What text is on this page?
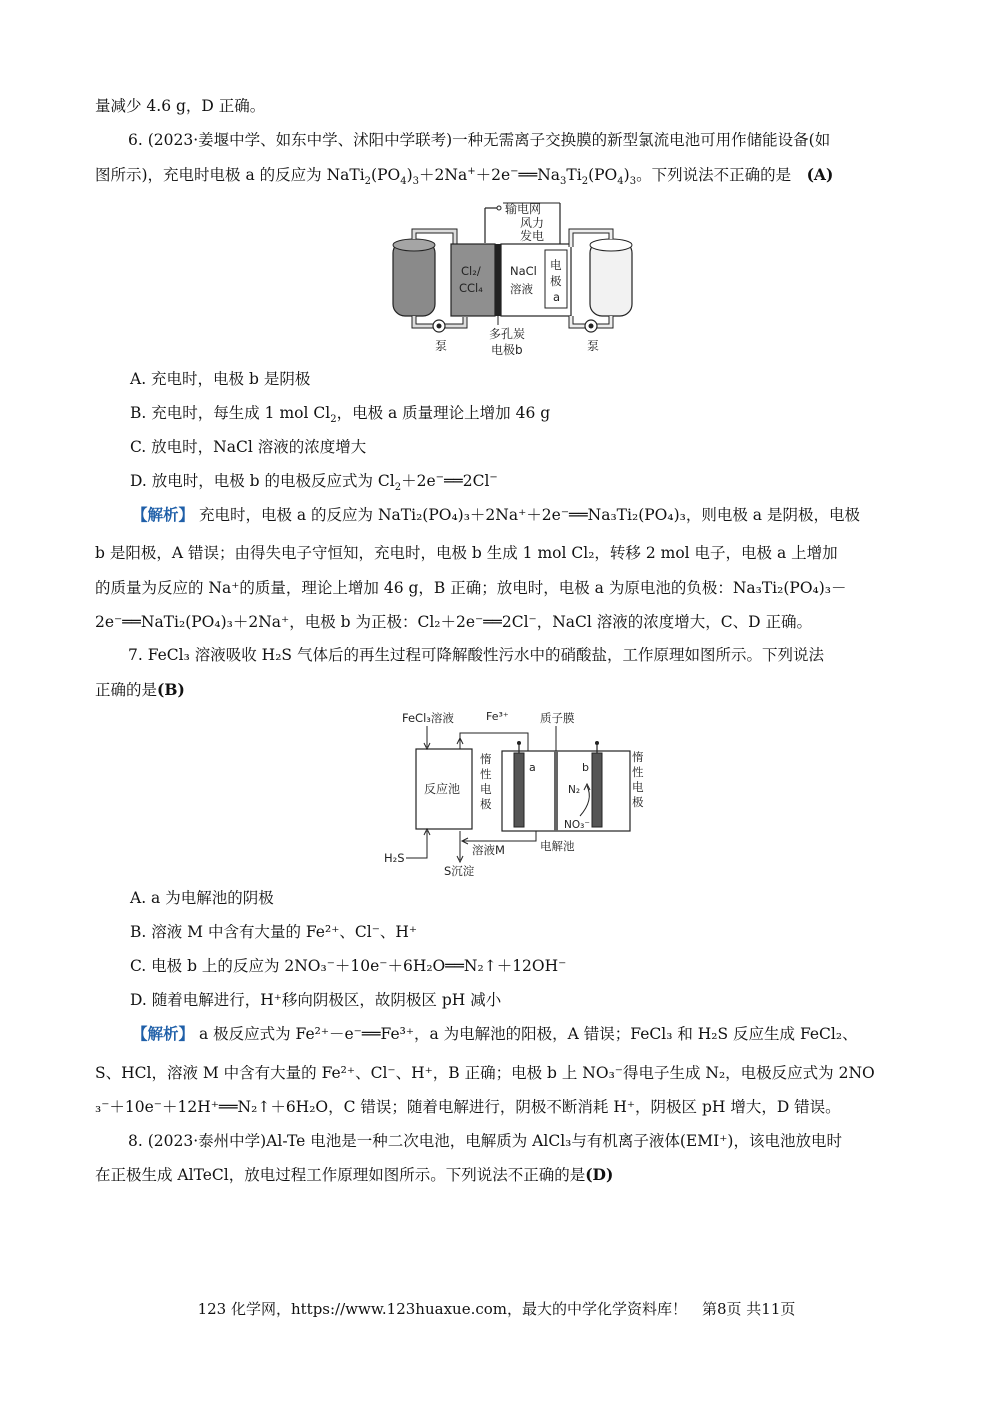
量减少 4.6 g，D 正确。
6. (2023·姜堰中学、如东中学、沭阳中学联考)一种无需离子交换膜的新型氯流电池可用作储能设备(如
图所示)，充电时电极 a 的反应为 $NaTi_2(PO_4)_3+2Na^++2e^-══Na_3Ti_2(PO_4)_3$。下列说法不正确的是　 (A)
输电网
风力
发电
泵
Cl₂/
CCl₄
NaCl
溶液
电
极
a
泵
多孔炭
电极b
A. 充电时，电极 b 是阴极
B. 充电时，每生成 1 mol $Cl_2$，电极 a 质量理论上增加 46 g
C. 放电时，NaCl 溶液的浓度增大
D. 放电时，电极 b 的电极反应式为 $Cl_2+2e^-══2Cl^-$
【解析】 充电时，电极 a 的反应为 NaTi₂(PO₄)₃＋2Na⁺＋2e⁻══Na₃Ti₂(PO₄)₃，则电极 a 是阴极，电极
b 是阳极，A 错误；由得失电子守恒知，充电时，电极 b 生成 1 mol Cl₂，转移 2 mol 电子，电极 a 上增加
的质量为反应的 Na⁺的质量，理论上增加 46 g，B 正确；放电时，电极 a 为原电池的负极：Na₃Ti₂(PO₄)₃－
2e⁻══NaTi₂(PO₄)₃＋2Na⁺，电极 b 为正极：Cl₂＋2e⁻══2Cl⁻，NaCl 溶液的浓度增大，C、D 正确。
7. FeCl₃ 溶液吸收 H₂S 气体后的再生过程可降解酸性污水中的硝酸盐，工作原理如图所示。下列说法
正确的是(B)
FeCl₃溶液	Fe³⁺	质子膜
反应池
a	b
N₂
NO₃⁻
惰
性
电
极
惰
性
电
极
H₂S
溶液M
S沉淀
电解池
A. a 为电解池的阴极
B. 溶液 M 中含有大量的 Fe²⁺、Cl⁻、H⁺
C. 电极 b 上的反应为 2NO₃⁻＋10e⁻＋6H₂O══N₂↑＋12OH⁻
D. 随着电解进行，H⁺移向阴极区，故阴极区 pH 减小
【解析】 a 极反应式为 Fe²⁺－e⁻══Fe³⁺，a 为电解池的阳极，A 错误；FeCl₃ 和 H₂S 反应生成 FeCl₂、
S、HCl，溶液 M 中含有大量的 Fe²⁺、Cl⁻、H⁺，B 正确；电极 b 上 NO₃⁻得电子生成 N₂，电极反应式为 2NO
₃⁻＋10e⁻＋12H⁺══N₂↑＋6H₂O，C 错误；随着电解进行，阴极不断消耗 H⁺，阴极区 pH 增大，D 错误。
8. (2023·泰州中学)Al-Te 电池是一种二次电池，电解质为 AlCl₃与有机离子液体(EMI⁺)，该电池放电时
在正极生成 AlTeCl，放电过程工作原理如图所示。下列说法不正确的是(D)
123 化学网，https://www.123huaxue.com，最大的中学化学资料库！　第8页 共11页
